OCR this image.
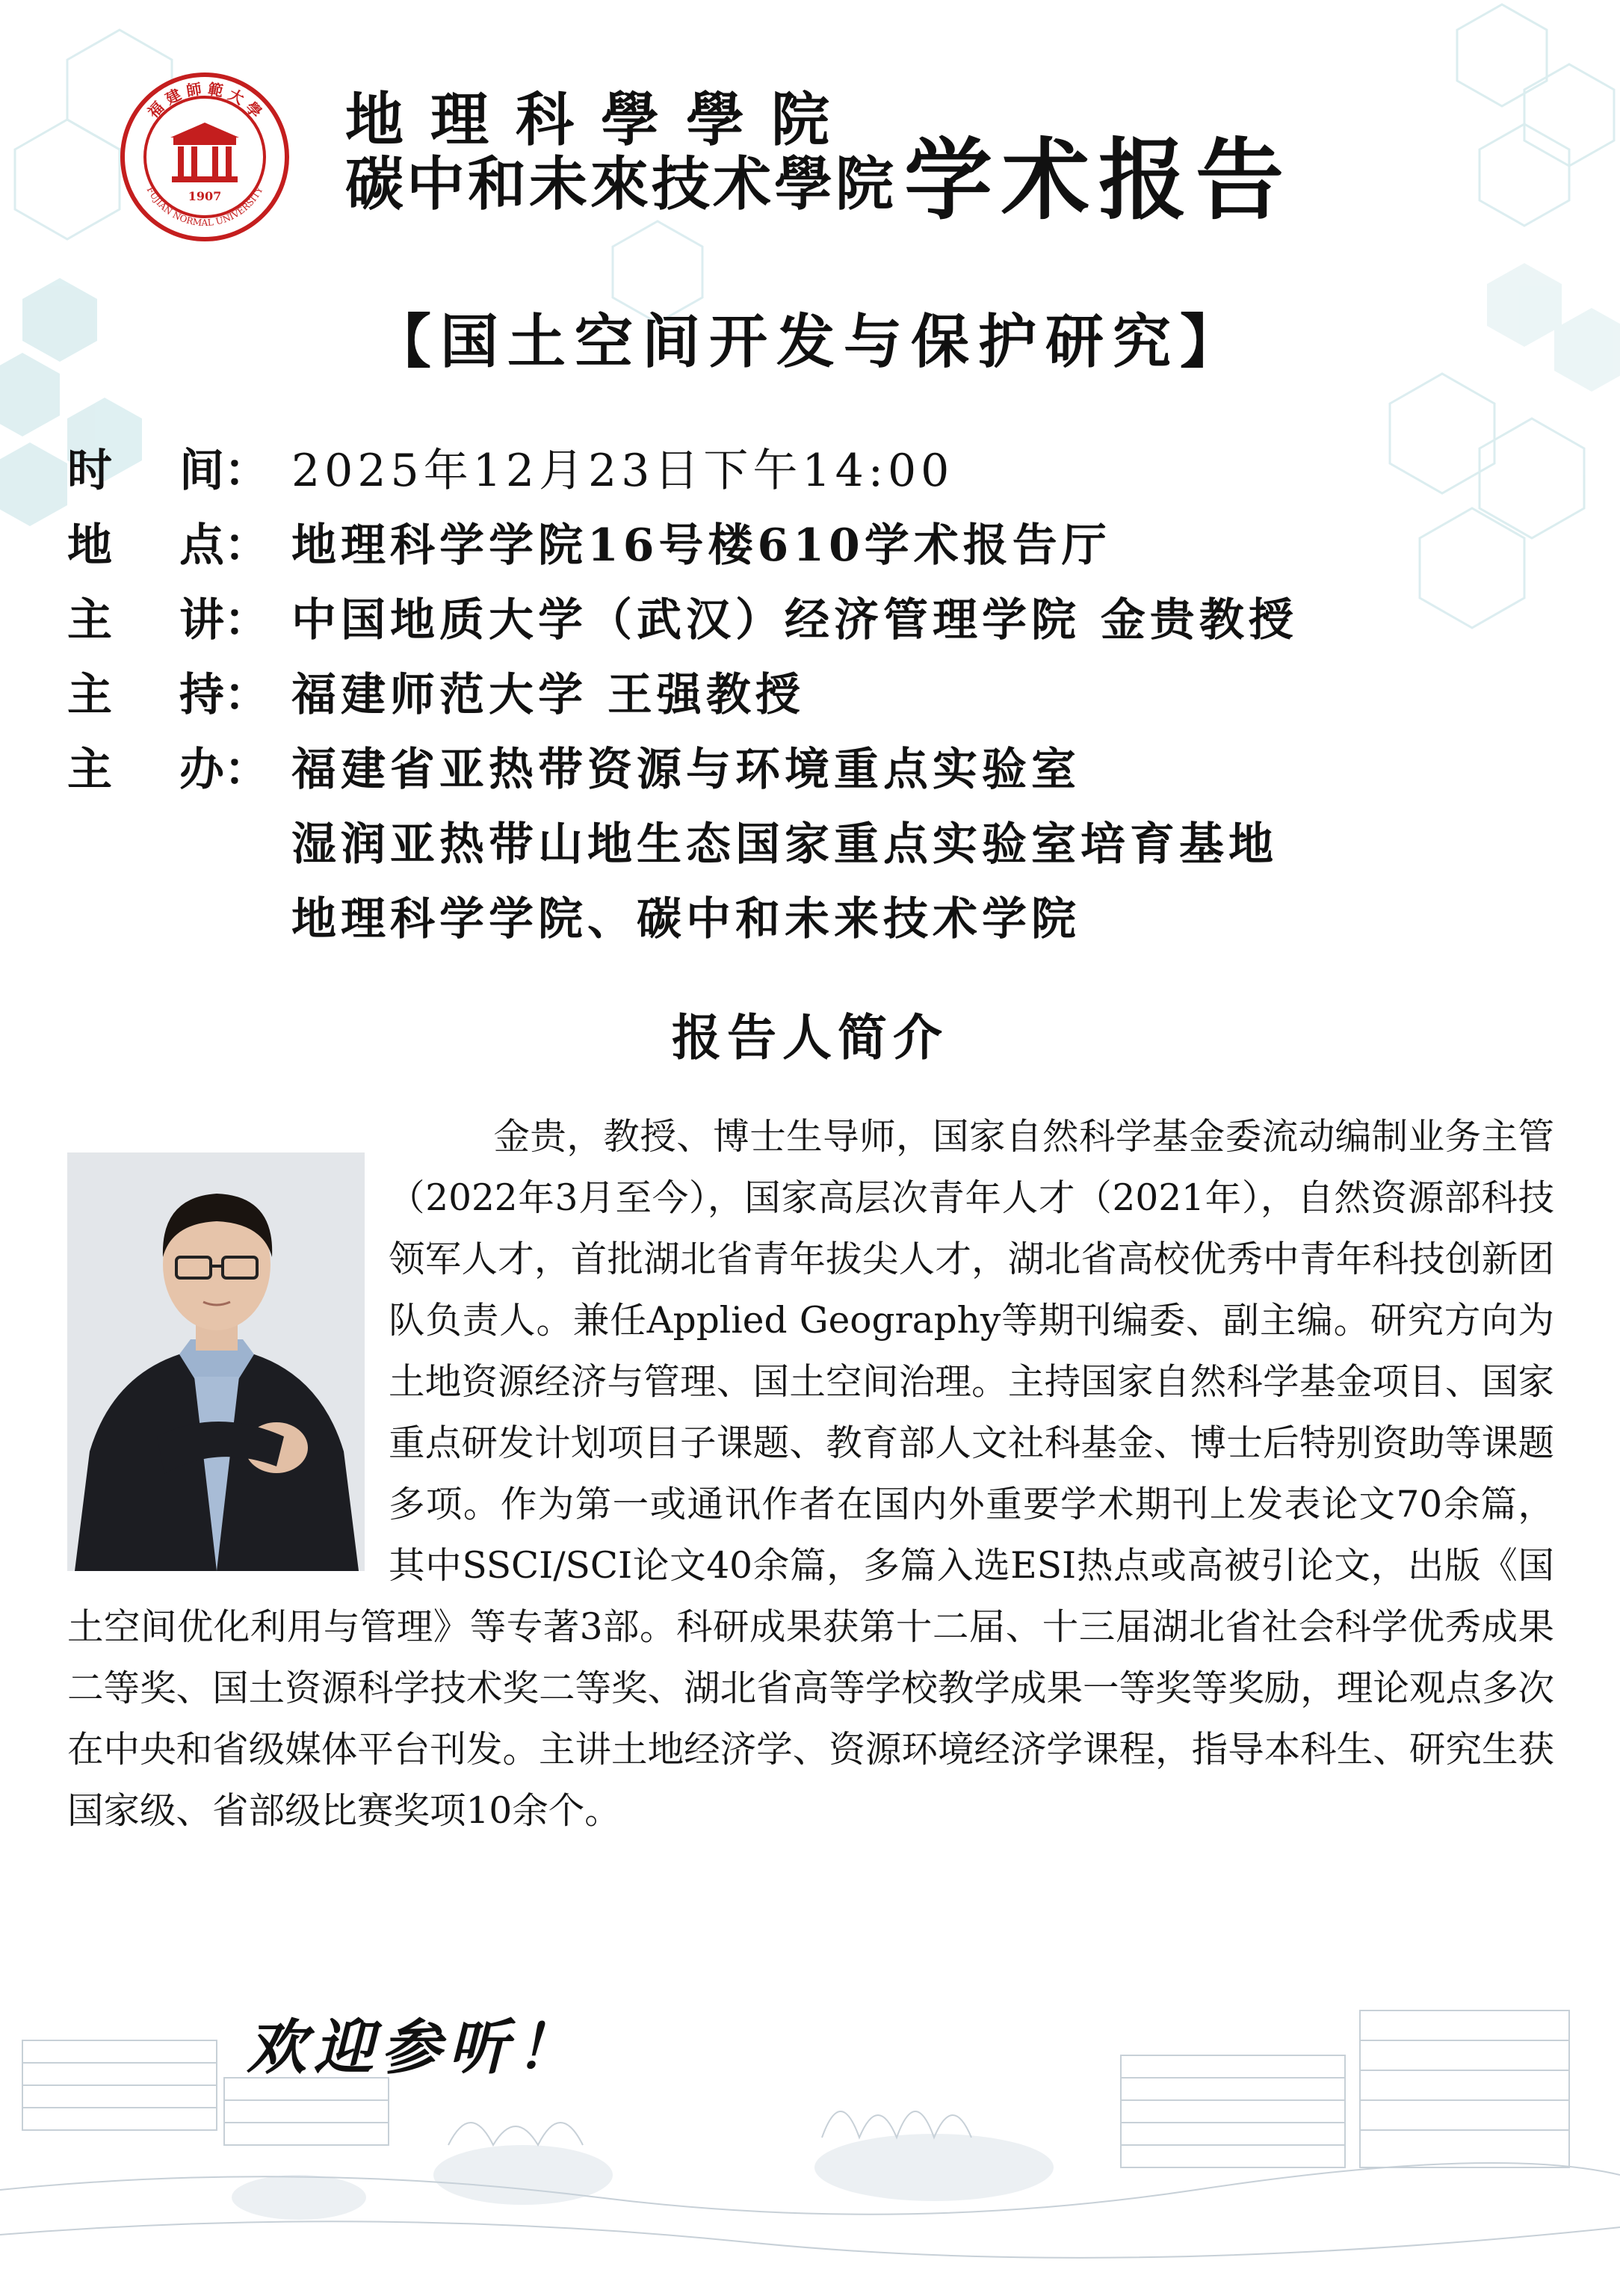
福 建 師 範 大 學
FUJIAN NORMAL UNIVERSITY
1907
地理科學學院
碳中和未來技术學院 学术报告
【国土空间开发与保护研究】
时 间： 2025年12月23日下午14:00
地 点： 地理科学学院16号楼610学术报告厅
主 讲： 中国地质大学（武汉）经济管理学院 金贵教授
主 持： 福建师范大学 王强教授
主 办： 福建省亚热带资源与环境重点实验室
湿润亚热带山地生态国家重点实验室培育基地
地理科学学院、碳中和未来技术学院
报告人简介
金贵，教授、博士生导师，国家自然科学基金委流动编制业务主管（2022年3月至今），国家高层次青年人才（2021年），自然资源部科技领军人才，首批湖北省青年拔尖人才，湖北省高校优秀中青年科技创新团队负责人。兼任Applied Geography等期刊编委、副主编。研究方向为土地资源经济与管理、国土空间治理。主持国家自然科学基金项目、国家重点研发计划项目子课题、教育部人文社科基金、博士后特别资助等课题多项。作为第一或通讯作者在国内外重要学术期刊上发表论文70余篇，其中SSCI/SCI论文40余篇，多篇入选ESI热点或高被引论文，出版《国土空间优化利用与管理》等专著3部。科研成果获第十二届、十三届湖北省社会科学优秀成果二等奖、国土资源科学技术奖二等奖、湖北省高等学校教学成果一等奖等奖励，理论观点多次在中央和省级媒体平台刊发。主讲土地经济学、资源环境经济学课程，指导本科生、研究生获国家级、省部级比赛奖项10余个。
欢迎参听！
